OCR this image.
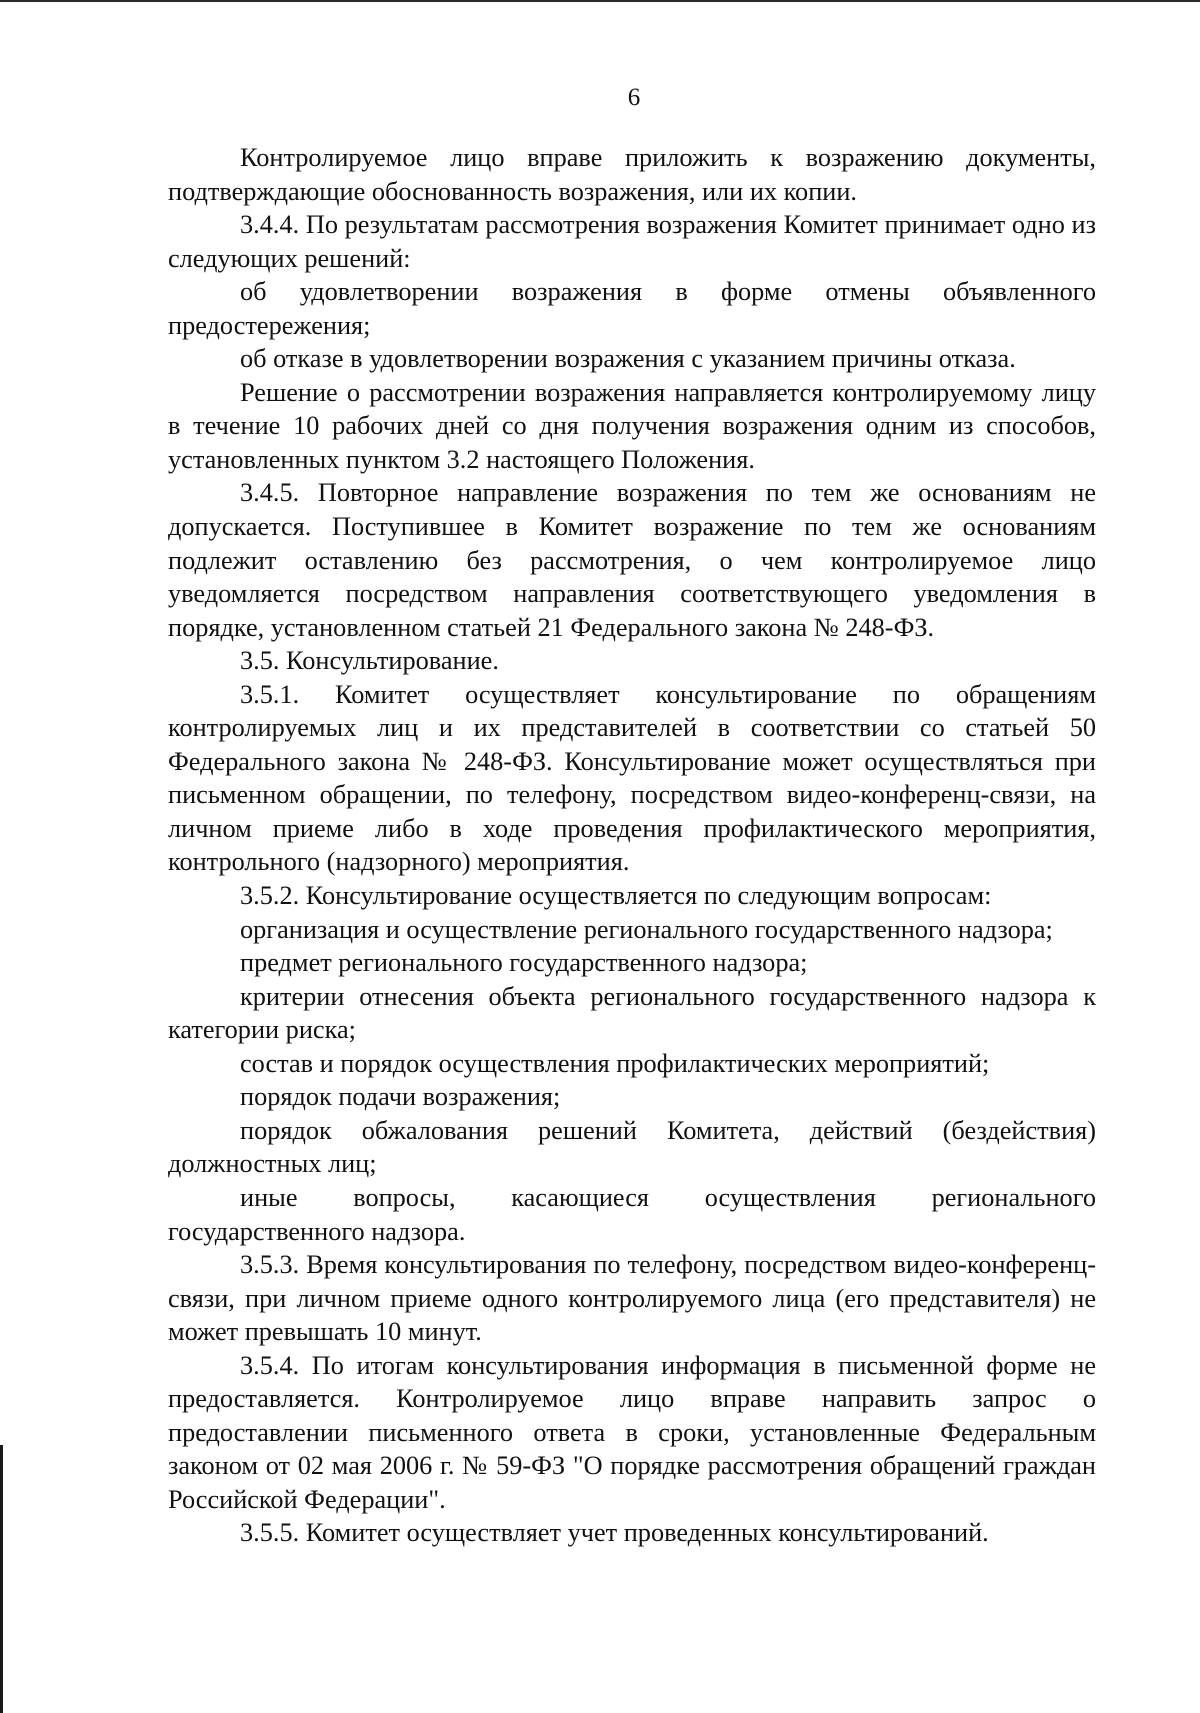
6

Контролируемое лицо вправе приложить к возражению документы, подтверждающие обоснованность возражения, или их копии.

3.4.4. По результатам рассмотрения возражения Комитет принимает одно из следующих решений:

об удовлетворении возражения в форме отмены объявленного предостережения;

об отказе в удовлетворении возражения с указанием причины отказа.

Решение о рассмотрении возражения направляется контролируемому лицу в течение 10 рабочих дней со дня получения возражения одним из способов, установленных пунктом 3.2 настоящего Положения.

3.4.5. Повторное направление возражения по тем же основаниям не допускается. Поступившее в Комитет возражение по тем же основаниям подлежит оставлению без рассмотрения, о чем контролируемое лицо уведомляется посредством направления соответствующего уведомления в порядке, установленном статьей 21 Федерального закона № 248-ФЗ.

3.5. Консультирование.

3.5.1. Комитет осуществляет консультирование по обращениям контролируемых лиц и их представителей в соответствии со статьей 50 Федерального закона № 248-ФЗ. Консультирование может осуществляться при письменном обращении, по телефону, посредством видео-конференц-связи, на личном приеме либо в ходе проведения профилактического мероприятия, контрольного (надзорного) мероприятия.

3.5.2. Консультирование осуществляется по следующим вопросам:

организация и осуществление регионального государственного надзора;

предмет регионального государственного надзора;

критерии отнесения объекта регионального государственного надзора к категории риска;

состав и порядок осуществления профилактических мероприятий;

порядок подачи возражения;

порядок обжалования решений Комитета, действий (бездействия) должностных лиц;

иные вопросы, касающиеся осуществления регионального государственного надзора.

3.5.3. Время консультирования по телефону, посредством видео-конференц-связи, при личном приеме одного контролируемого лица (его представителя) не может превышать 10 минут.

3.5.4. По итогам консультирования информация в письменной форме не предоставляется. Контролируемое лицо вправе направить запрос о предоставлении письменного ответа в сроки, установленные Федеральным законом от 02 мая 2006 г. № 59-ФЗ "О порядке рассмотрения обращений граждан Российской Федерации".

3.5.5. Комитет осуществляет учет проведенных консультирований.
